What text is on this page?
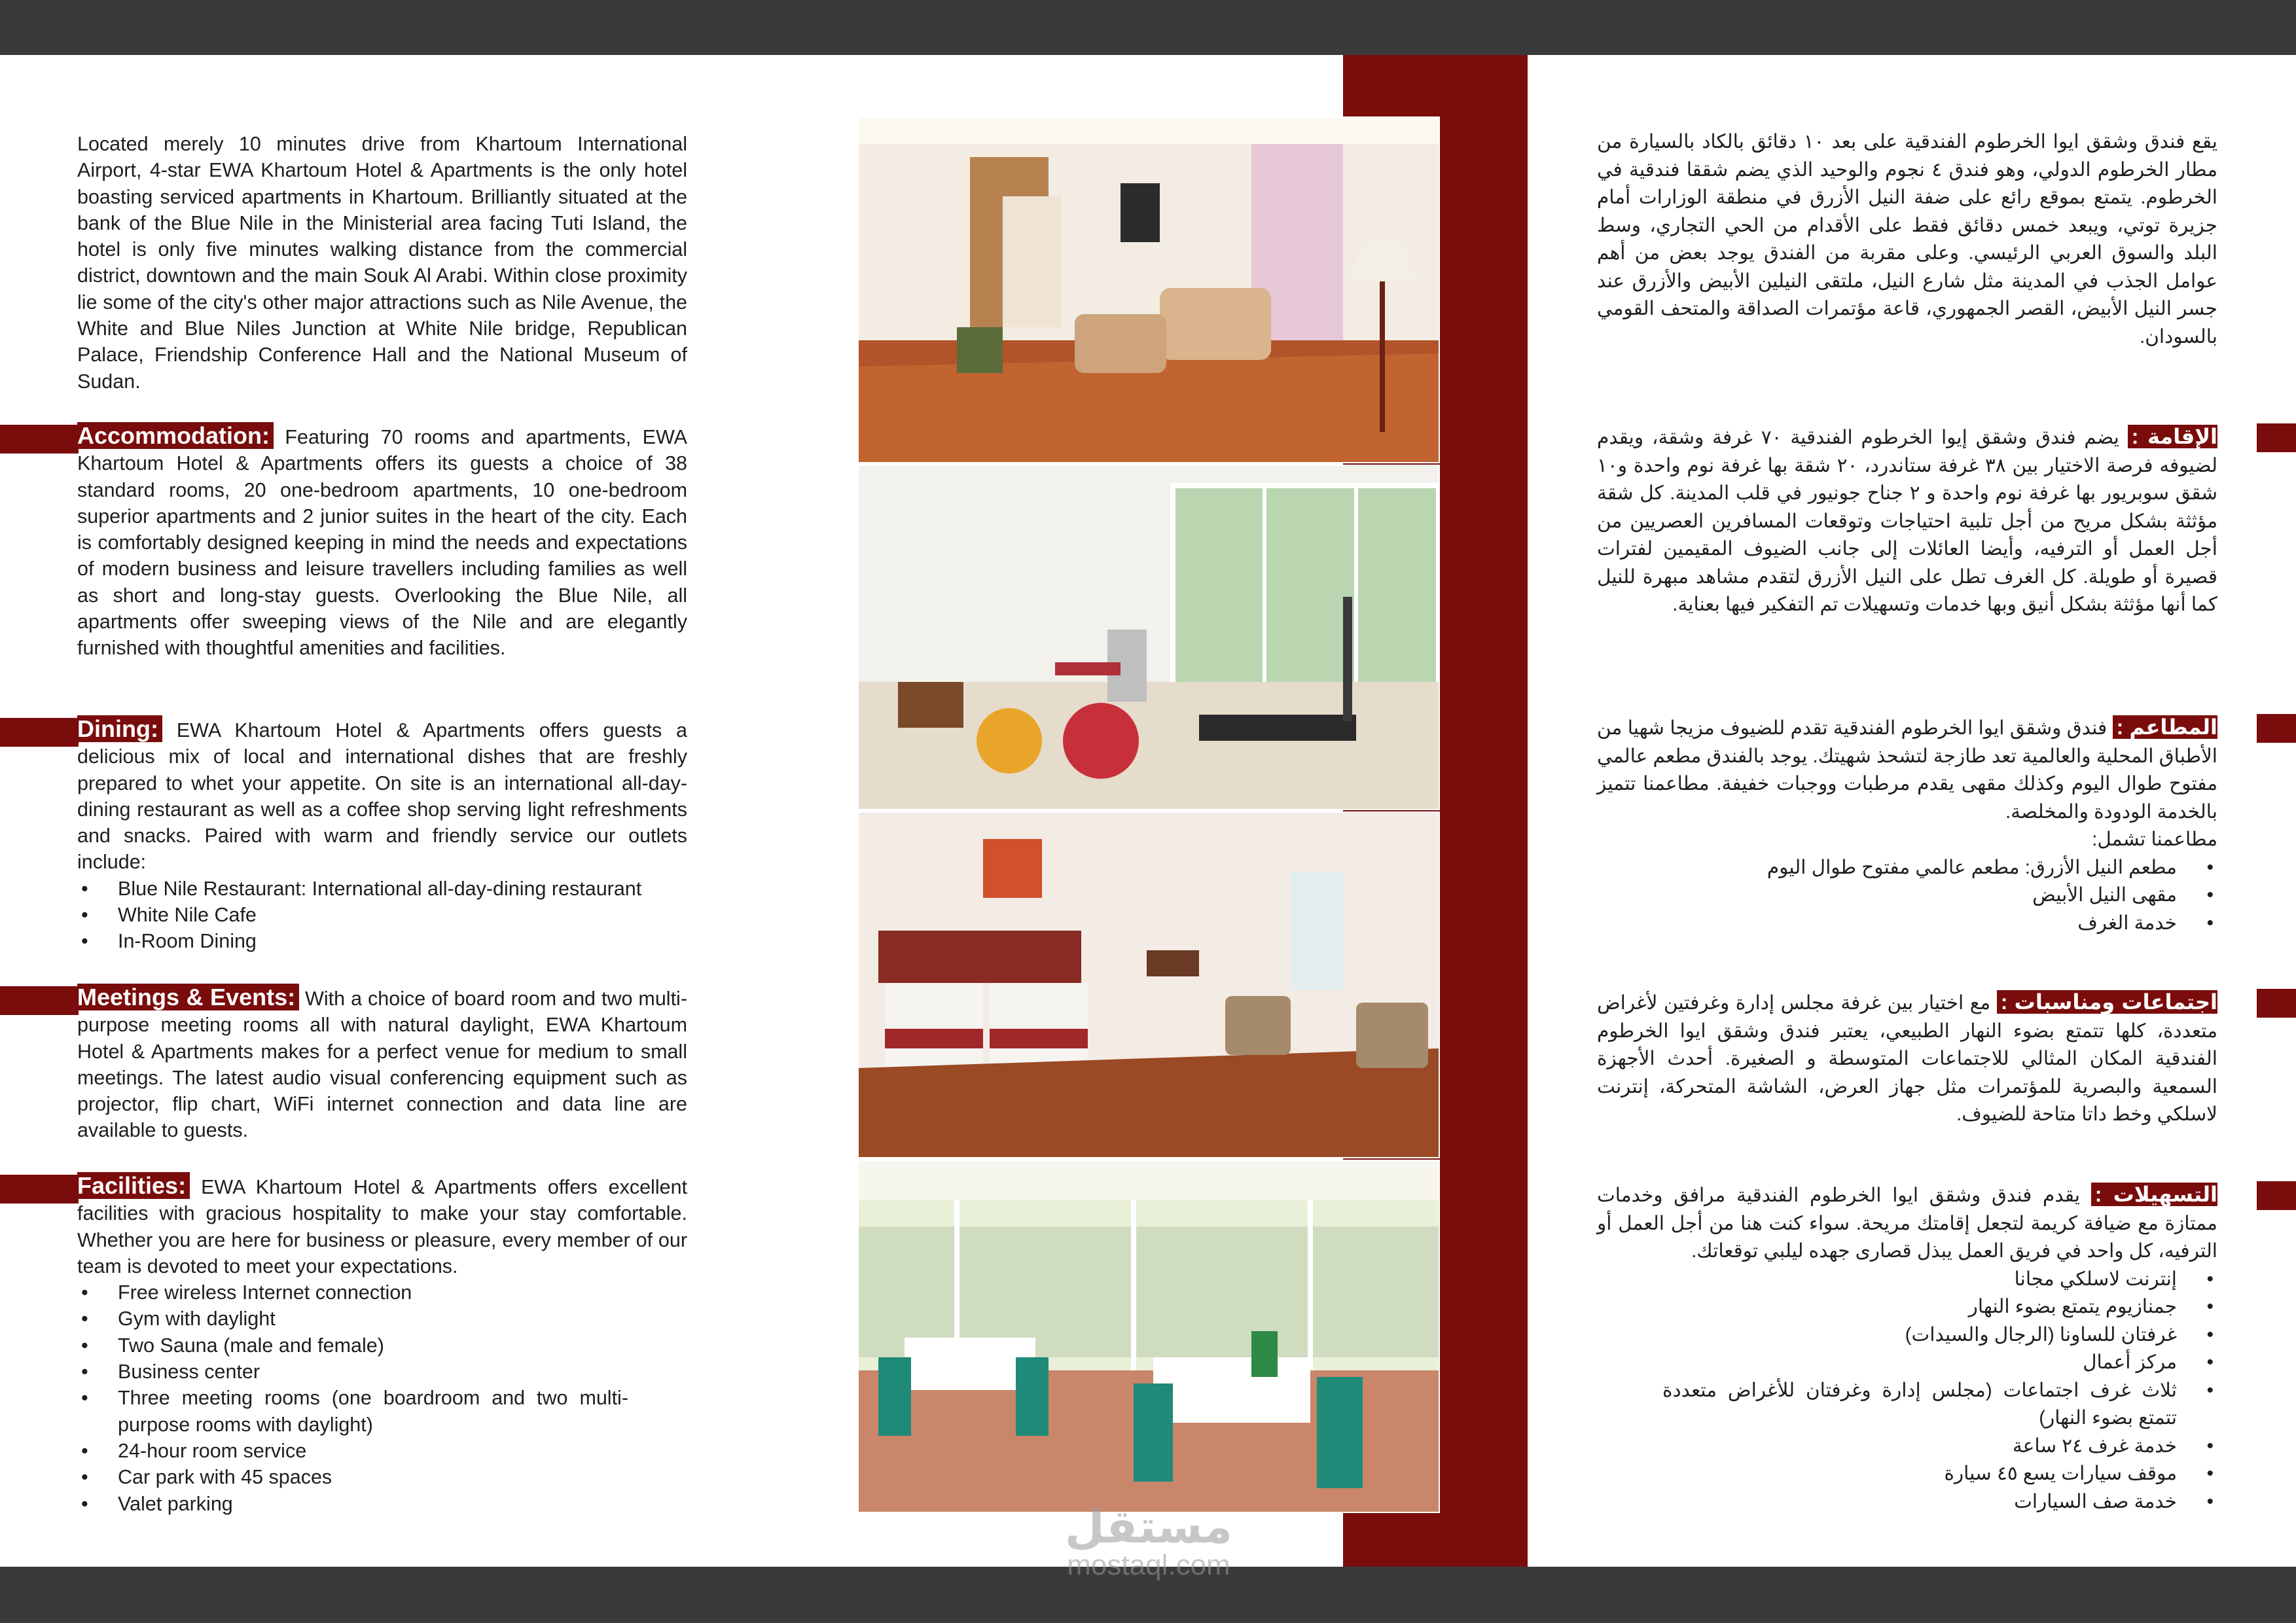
Located merely 10 minutes drive from Khartoum International Airport, 4-star EWA Khartoum Hotel & Apartments is the only hotel boasting serviced apartments in Khartoum. Brilliantly situated at the bank of the Blue Nile in the Ministerial area facing Tuti Island, the hotel is only five minutes walking distance from the commercial district, downtown and the main Souk Al Arabi. Within close proximity lie some of the city's other major attractions such as Nile Avenue, the White and Blue Niles Junction at White Nile bridge, Republican Palace, Friendship Conference Hall and the National Museum of Sudan.

Accommodation: Featuring 70 rooms and apartments, EWA Khartoum Hotel & Apartments offers its guests a choice of 38 standard rooms, 20 one-bedroom apartments, 10 one-bedroom superior apartments and 2 junior suites in the heart of the city. Each is comfortably designed keeping in mind the needs and expectations of modern business and leisure travellers including families as well as short and long-stay guests. Overlooking the Blue Nile, all apartments offer sweeping views of the Nile and are elegantly furnished with thoughtful amenities and facilities.

Dining: EWA Khartoum Hotel & Apartments offers guests a delicious mix of local and international dishes that are freshly prepared to whet your appetite. On site is an international all-day-dining restaurant as well as a coffee shop serving light refreshments and snacks. Paired with warm and friendly service our outlets include:

• Blue Nile Restaurant: International all-day-dining restaurant
• White Nile Cafe
• In-Room Dining

Meetings & Events: With a choice of board room and two multi-purpose meeting rooms all with natural daylight, EWA Khartoum Hotel & Apartments makes for a perfect venue for medium to small meetings. The latest audio visual conferencing equipment such as projector, flip chart, WiFi internet connection and data line are available to guests.

Facilities: EWA Khartoum Hotel & Apartments offers excellent facilities with gracious hospitality to make your stay comfortable. Whether you are here for business or pleasure, every member of our team is devoted to meet your expectations.

• Free wireless Internet connection
• Gym with daylight
• Two Sauna (male and female)
• Business center
• Three meeting rooms (one boardroom and two multi-purpose rooms with daylight)
• 24-hour room service
• Car park with 45 spaces
• Valet parking

يقع فندق وشقق ايوا الخرطوم الفندقية على بعد ١٠ دقائق بالكاد بالسيارة من مطار الخرطوم الدولي، وهو فندق ٤ نجوم والوحيد الذي يضم شققا فندقية في الخرطوم. يتمتع بموقع رائع على ضفة النيل الأزرق في منطقة الوزارات أمام جزيرة توتي، ويبعد خمس دقائق فقط على الأقدام من الحي التجاري، وسط البلد والسوق العربي الرئيسي. وعلى مقربة من الفندق يوجد بعض من أهم عوامل الجذب في المدينة مثل شارع النيل، ملتقى النيلين الأبيض والأزرق عند جسر النيل الأبيض، القصر الجمهوري، قاعة مؤتمرات الصداقة والمتحف القومي بالسودان.

الإقامة : يضم فندق وشقق إيوا الخرطوم الفندقية ٧٠ غرفة وشقة، ويقدم لضيوفه فرصة الاختيار بين ٣٨ غرفة ستاندرد، ٢٠ شقة بها غرفة نوم واحدة و١٠ شقق سوبريور بها غرفة نوم واحدة و ٢ جناح جونيور في قلب المدينة. كل شقة مؤثثة بشكل مريح من أجل تلبية احتياجات وتوقعات المسافرين العصريين من أجل العمل أو الترفيه، وأيضا العائلات إلى جانب الضيوف المقيمين لفترات قصيرة أو طويلة. كل الغرف تطل على النيل الأزرق لتقدم مشاهد مبهرة للنيل كما أنها مؤثثة بشكل أنيق وبها خدمات وتسهيلات تم التفكير فيها بعناية.

المطاعم : فندق وشقق ايوا الخرطوم الفندقية تقدم للضيوف مزيجا شهيا من الأطباق المحلية والعالمية تعد طازجة لتشحذ شهيتك. يوجد بالفندق مطعم عالمي مفتوح طوال اليوم وكذلك مقهى يقدم مرطبات ووجبات خفيفة. مطاعمنا تتميز بالخدمة الودودة والمخلصة.

مطاعمنا تشمل:

• مطعم النيل الأزرق: مطعم عالمي مفتوح طوال اليوم
• مقهى النيل الأبيض
• خدمة الغرف

اجتماعات ومناسبات : مع اختيار بين غرفة مجلس إدارة وغرفتين لأغراض متعددة، كلها تتمتع بضوء النهار الطبيعي، يعتبر فندق وشقق ايوا الخرطوم الفندقية المكان المثالي للاجتماعات المتوسطة و الصغيرة. أحدث الأجهزة السمعية والبصرية للمؤتمرات مثل جهاز العرض، الشاشة المتحركة، إنترنت لاسلكي وخط داتا متاحة للضيوف.

التسهيلات : يقدم فندق وشقق ايوا الخرطوم الفندقية مرافق وخدمات ممتازة مع ضيافة كريمة لتجعل إقامتك مريحة. سواء كنت هنا من أجل العمل أو الترفيه، كل واحد في فريق العمل يبذل قصارى جهده ليلبي توقعاتك.

• إنترنت لاسلكي مجانا
• جمنازيوم يتمتع بضوء النهار
• غرفتان للساونا (الرجال والسيدات)
• مركز أعمال
• ثلاث غرف اجتماعات (مجلس إدارة وغرفتان للأغراض متعددة تتمتع بضوء النهار)
• خدمة غرف ٢٤ ساعة
• موقف سيارات يسع ٤٥ سيارة
• خدمة صف السيارات
مستقل
mostaql.com
